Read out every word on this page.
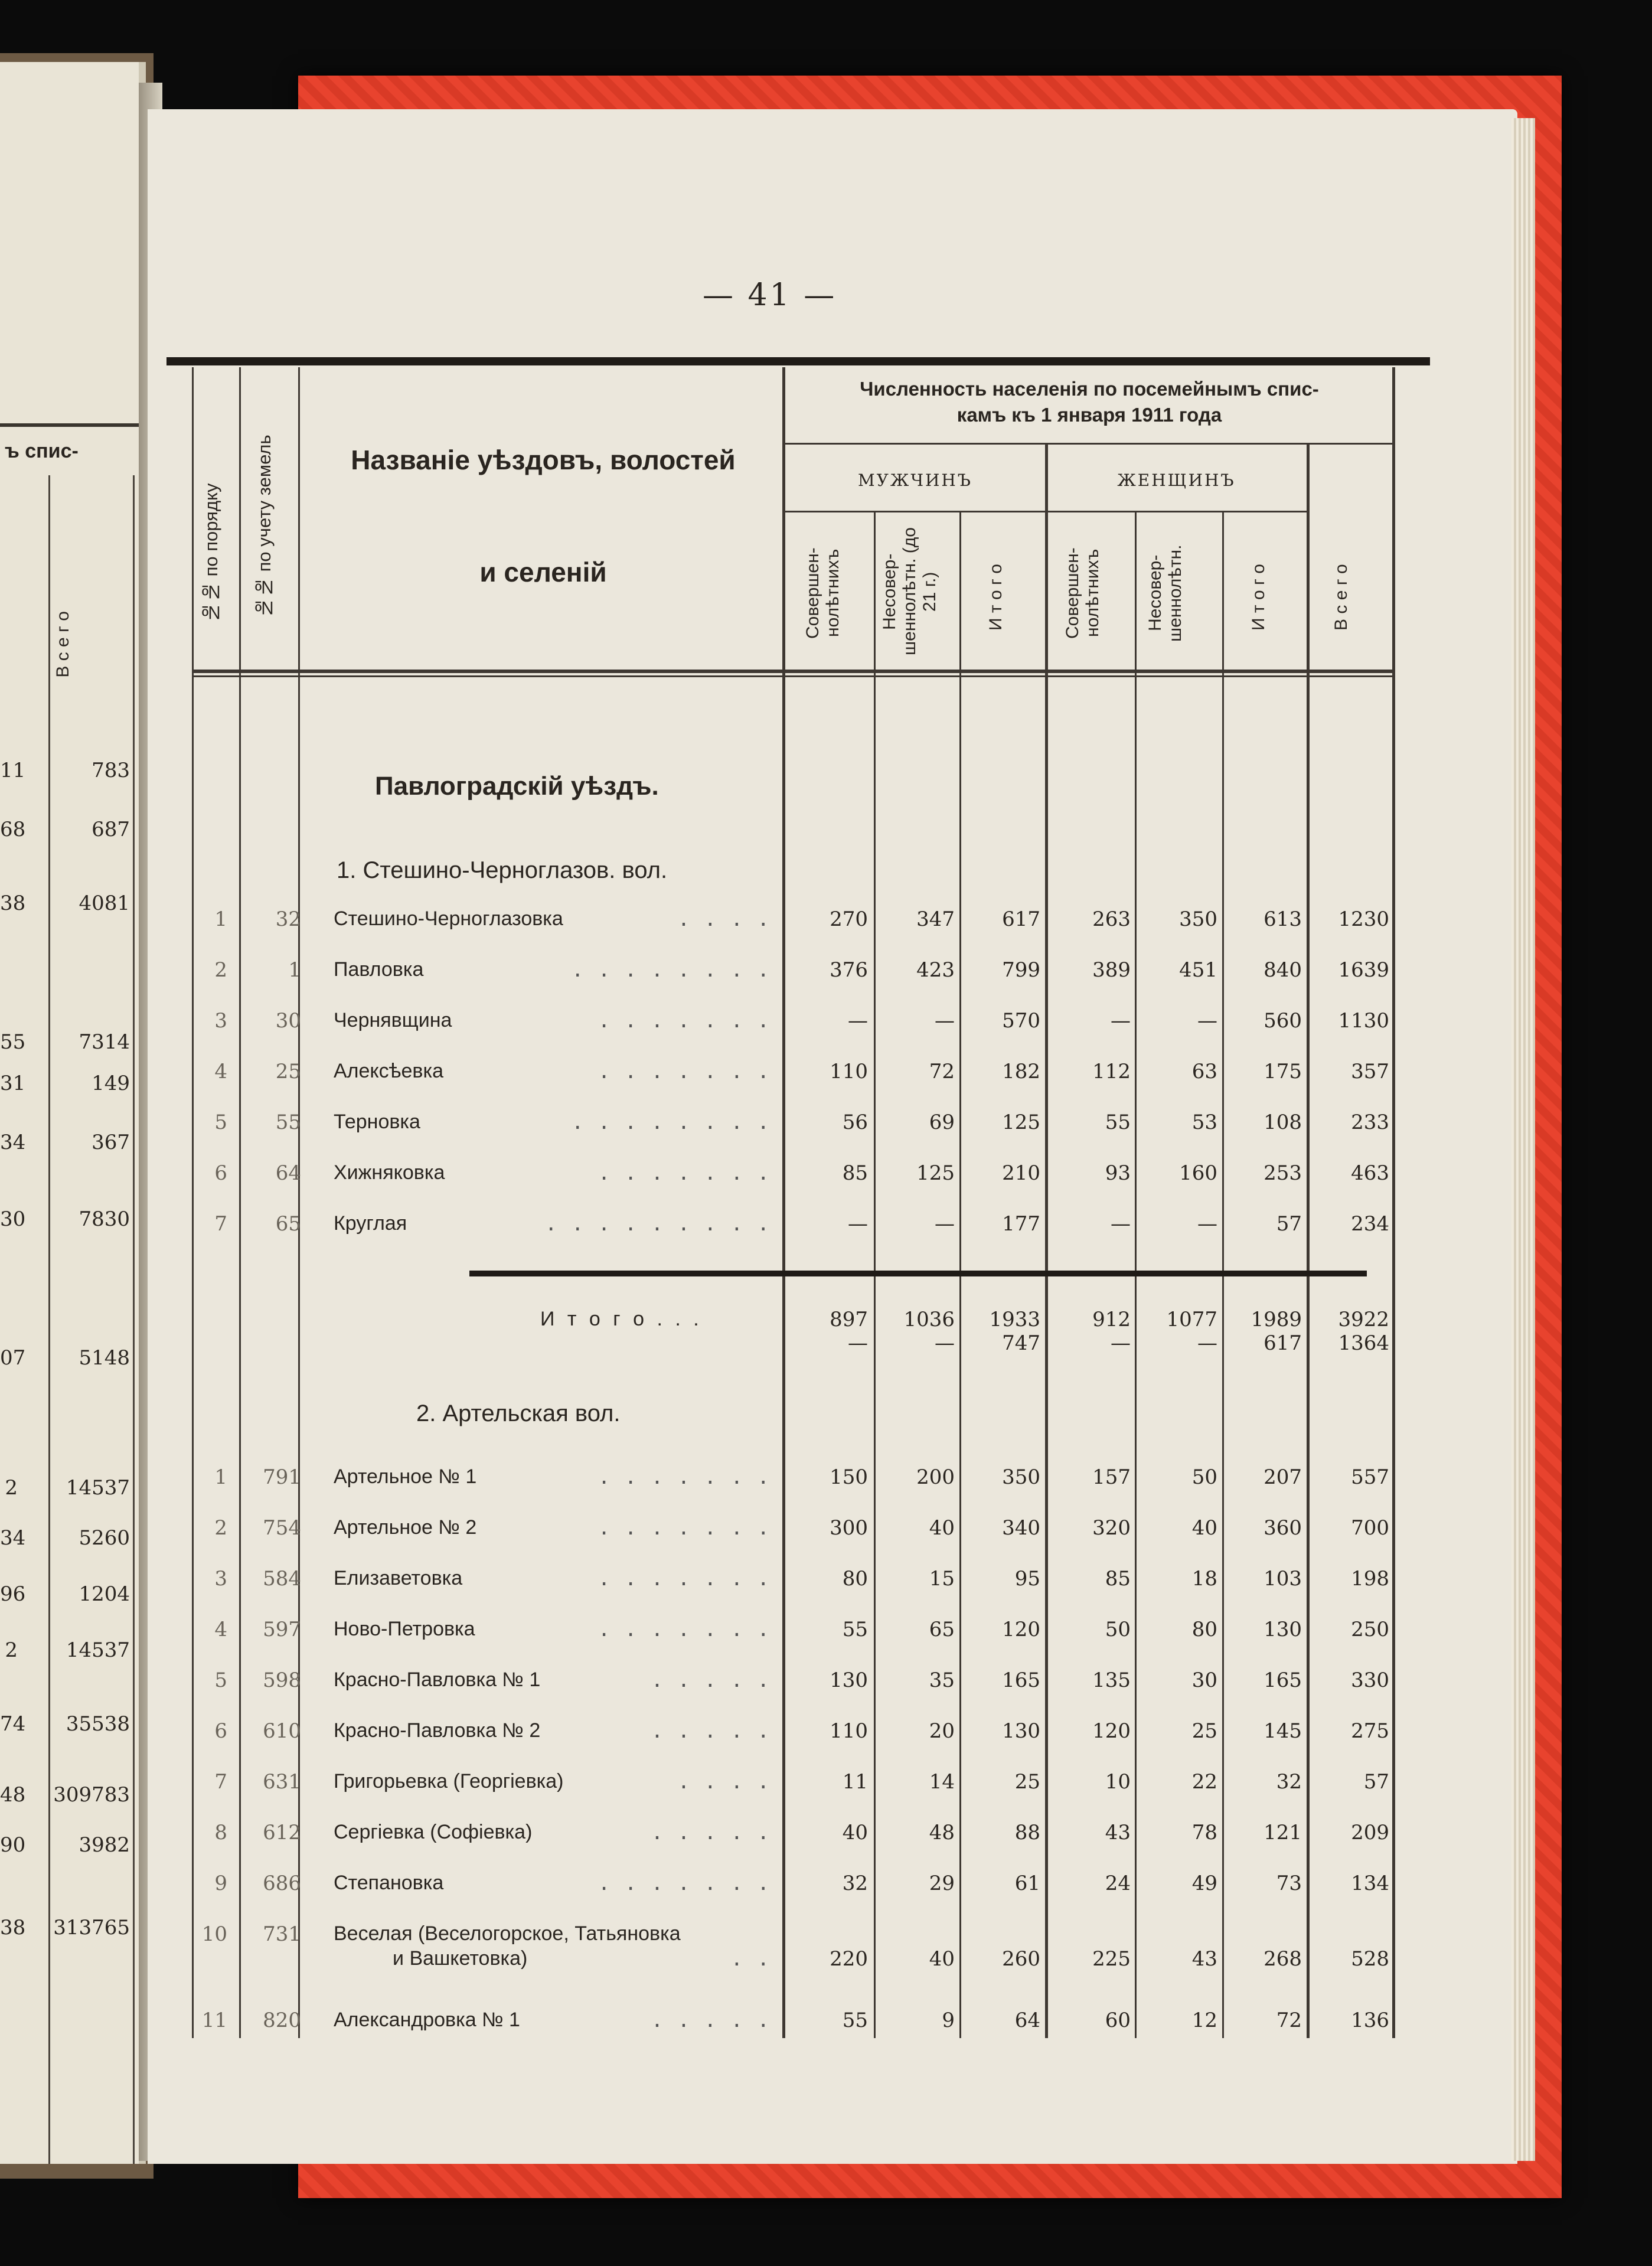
ъ спис-
В с е г о
11	783
68	687
38	4081
55	7314
31	149
34	367
30	7830
07	5148
2	14537
34	5260
96	1204
2	14537
74	35538
48 309783
90	3982
38 313765
— 41 —
№№ по порядку	№№ по учету земель	Названіе уѣздовъ, волостей
и селеній
Численность населенія по посемейнымъ спис-
камъ къ 1 января 1911 года
МУЖЧИНЪ	ЖЕНЩИНЪ
Совершен-нолѣтнихъ	Несовер-шеннолѣтн. (до 21 г.)	И т о г о	Совершен-нолѣтнихъ	Несовер-шеннолѣтн.	И т о г о	В с е г о
Павлоградскій уѣздъ.
1. Стешино-Черноглазов. вол.
1	32 Стешино-Черноглазовка	. . . .	270	347	617	263	350	613	1230
2	1 Павловка	. . . . . . . .	376	423	799	389	451	840	1639
3	30 Чернявщина	. . . . . . .	—	—	570	—	—	560	1130
4	25 Алексѣевка	. . . . . . .	110	72	182	112	63	175	357
5	55 Терновка	. . . . . . . .	56	69	125	55	53	108	233
6	64 Хижняковка	. . . . . . .	85	125	210	93	160	253	463
7	65 Круглая	. . . . . . . . .	—	—	177	—	—	57	234
И т о г о . . .	897	1036	1933	912	1077	1989	3922
—	—	747	—	—	617	1364
2. Артельская вол.
1	791 Артельное № 1	. . . . . . .	150	200	350	157	50	207	557
2	754 Артельное № 2	. . . . . . .	300	40	340	320	40	360	700
3	584 Елизаветовка	. . . . . . .	80	15	95	85	18	103	198
4	597 Ново-Петровка	. . . . . . .	55	65	120	50	80	130	250
5	598 Красно-Павловка № 1	. . . . .	130	35	165	135	30	165	330
6	610 Красно-Павловка № 2	. . . . .	110	20	130	120	25	145	275
7	631 Григорьевка (Георгіевка)	. . . .	11	14	25	10	22	32	57
8	612 Сергіевка (Софіевка)	. . . . .	40	48	88	43	78	121	209
9	686 Степановка	. . . . . . .	32	29	61	24	49	73	134
10	731 Веселая (Веселогорское, Татьяновка
и Вашкетовка)	. .	220	40	260	225	43	268	528
11	820 Александровка № 1	. . . . .	55	9	64	60	12	72	136
